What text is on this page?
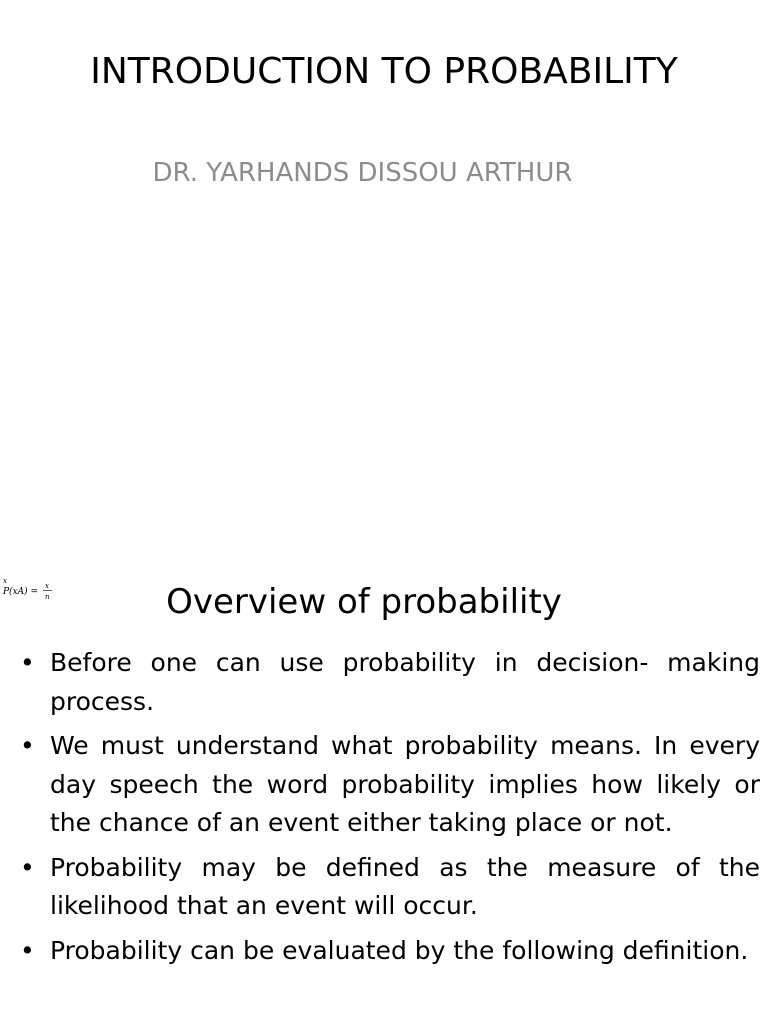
INTRODUCTION TO PROBABILITY
DR. YARHANDS DISSOU ARTHUR
x
P(xA) =
x
n	Overview of probability
• Before one can use probability in decision- making process.
• We must understand what probability means. In every day speech the word probability implies how likely or the chance of an event either taking place or not.
• Probability may be defined as the measure of the likelihood that an event will occur.
• Probability can be evaluated by the following definition.
